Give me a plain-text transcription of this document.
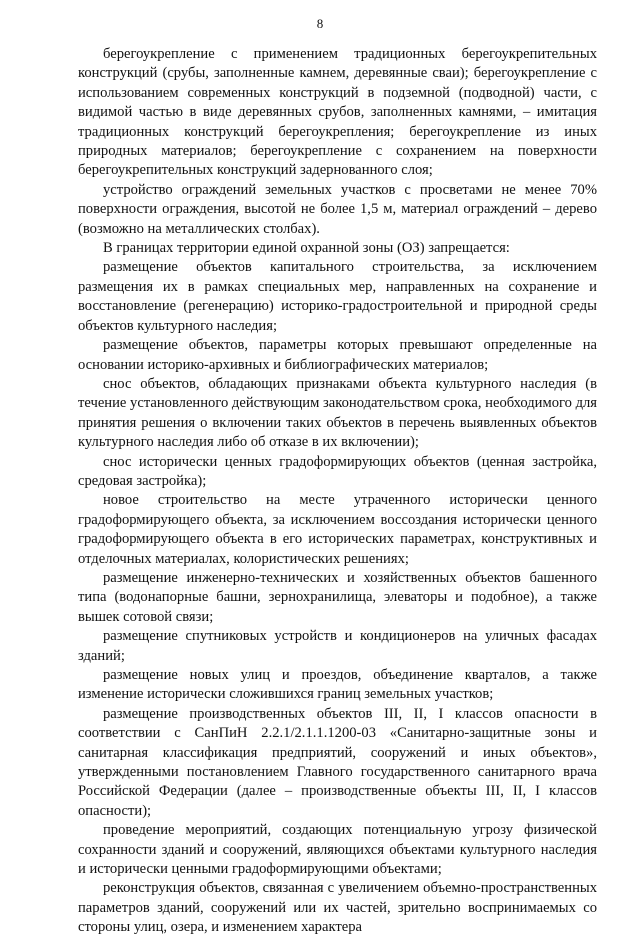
8

берегоукрепление с применением традиционных берегоукрепительных конструкций (срубы, заполненные камнем, деревянные сваи); берегоукрепление с использованием современных конструкций в подземной (подводной) части, с видимой частью в виде деревянных срубов, заполненных камнями, – имитация традиционных конструкций берегоукрепления; берегоукрепление из иных природных материалов; берегоукрепление с сохранением на поверхности берегоукрепительных конструкций задернованного слоя;

устройство ограждений земельных участков с просветами не менее 70% поверхности ограждения, высотой не более 1,5 м, материал ограждений – дерево (возможно на металлических столбах).

В границах территории единой охранной зоны (ОЗ) запрещается:

размещение объектов капитального строительства, за исключением размещения их в рамках специальных мер, направленных на сохранение и восстановление (регенерацию) историко-градостроительной и природной среды объектов культурного наследия;

размещение объектов, параметры которых превышают определенные на основании историко-архивных и библиографических материалов;

снос объектов, обладающих признаками объекта культурного наследия (в течение установленного действующим законодательством срока, необходимого для принятия решения о включении таких объектов в перечень выявленных объектов культурного наследия либо об отказе в их включении);

снос исторически ценных градоформирующих объектов (ценная застройка, средовая застройка);

новое строительство на месте утраченного исторически ценного градоформирующего объекта, за исключением воссоздания исторически ценного градоформирующего объекта в его исторических параметрах, конструктивных и отделочных материалах, колористических решениях;

размещение инженерно-технических и хозяйственных объектов башенного типа (водонапорные башни, зернохранилища, элеваторы и подобное), а также вышек сотовой связи;

размещение спутниковых устройств и кондиционеров на уличных фасадах зданий;

размещение новых улиц и проездов, объединение кварталов, а также изменение исторически сложившихся границ земельных участков;

размещение производственных объектов III, II, I классов опасности в соответствии с СанПиН 2.2.1/2.1.1.1200-03 «Санитарно-защитные зоны и санитарная классификация предприятий, сооружений и иных объектов», утвержденными постановлением Главного государственного санитарного врача Российской Федерации (далее – производственные объекты III, II, I классов опасности);

проведение мероприятий, создающих потенциальную угрозу физической сохранности зданий и сооружений, являющихся объектами культурного наследия и исторически ценными градоформирующими объектами;

реконструкция объектов, связанная с увеличением объемно-пространственных параметров зданий, сооружений или их частей, зрительно воспринимаемых со стороны улиц, озера, и изменением характера
